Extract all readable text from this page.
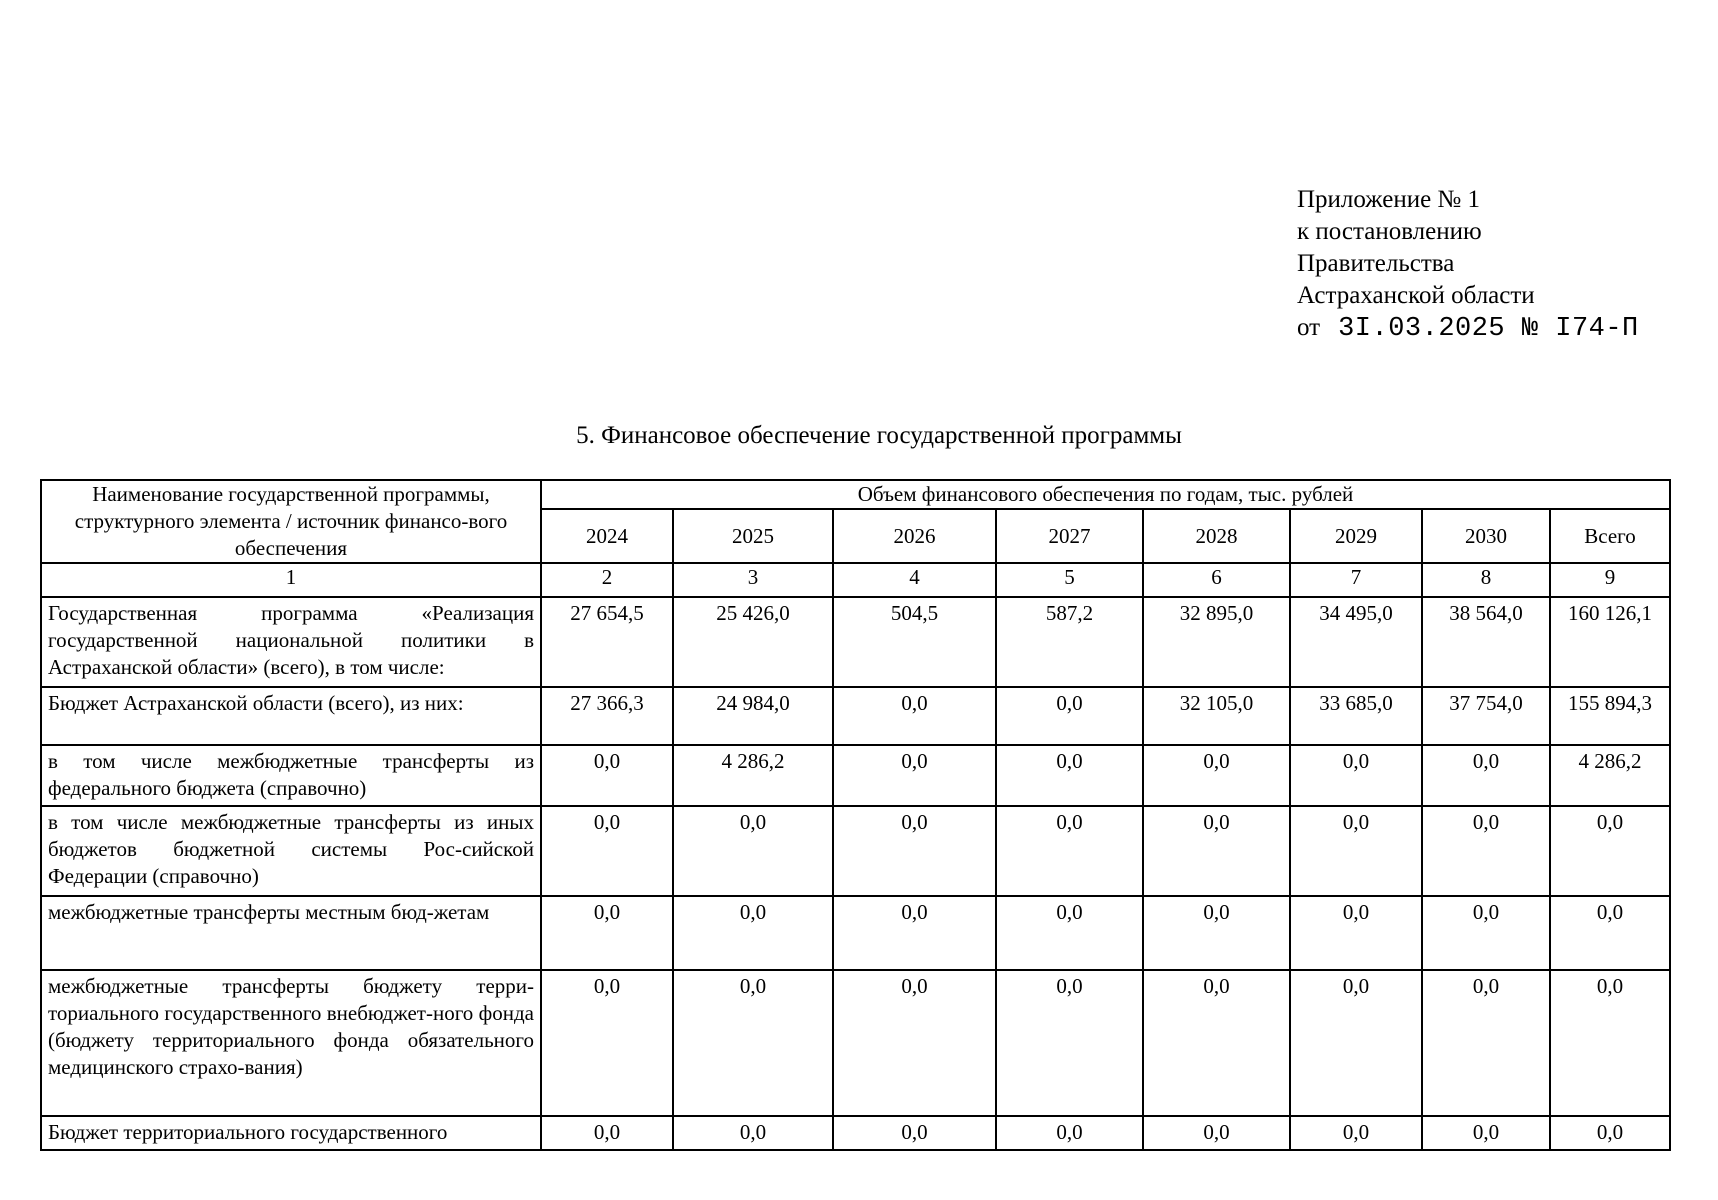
Приложение № 1
к постановлению
Правительства
Астраханской области
от 3I.03.2025 № I74-П
5. Финансовое обеспечение государственной программы
Наименование государственной программы, структурного элемента / источник финансо-вого обеспечения	Объем финансового обеспечения по годам, тыс. рублей							
	2024	2025	2026	2027	2028	2029	2030	Всего
1	2	3	4	5	6	7	8	9
Государственная программа «Реализация государственной национальной политики в Астраханской области» (всего), в том числе:	27 654,5	25 426,0	504,5	587,2	32 895,0	34 495,0	38 564,0	160 126,1
Бюджет Астраханской области (всего), из них:	27 366,3	24 984,0	0,0	0,0	32 105,0	33 685,0	37 754,0	155 894,3
в том числе межбюджетные трансферты из федерального бюджета (справочно)	0,0	4 286,2	0,0	0,0	0,0	0,0	0,0	4 286,2
в том числе межбюджетные трансферты из иных бюджетов бюджетной системы Рос-сийской Федерации (справочно)	0,0	0,0	0,0	0,0	0,0	0,0	0,0	0,0
межбюджетные трансферты местным бюд-жетам	0,0	0,0	0,0	0,0	0,0	0,0	0,0	0,0
межбюджетные трансферты бюджету терри-ториального государственного внебюджет-ного фонда (бюджету территориального фонда обязательного медицинского страхо-вания)	0,0	0,0	0,0	0,0	0,0	0,0	0,0	0,0
Бюджет территориального государственного	0,0	0,0	0,0	0,0	0,0	0,0	0,0	0,0
